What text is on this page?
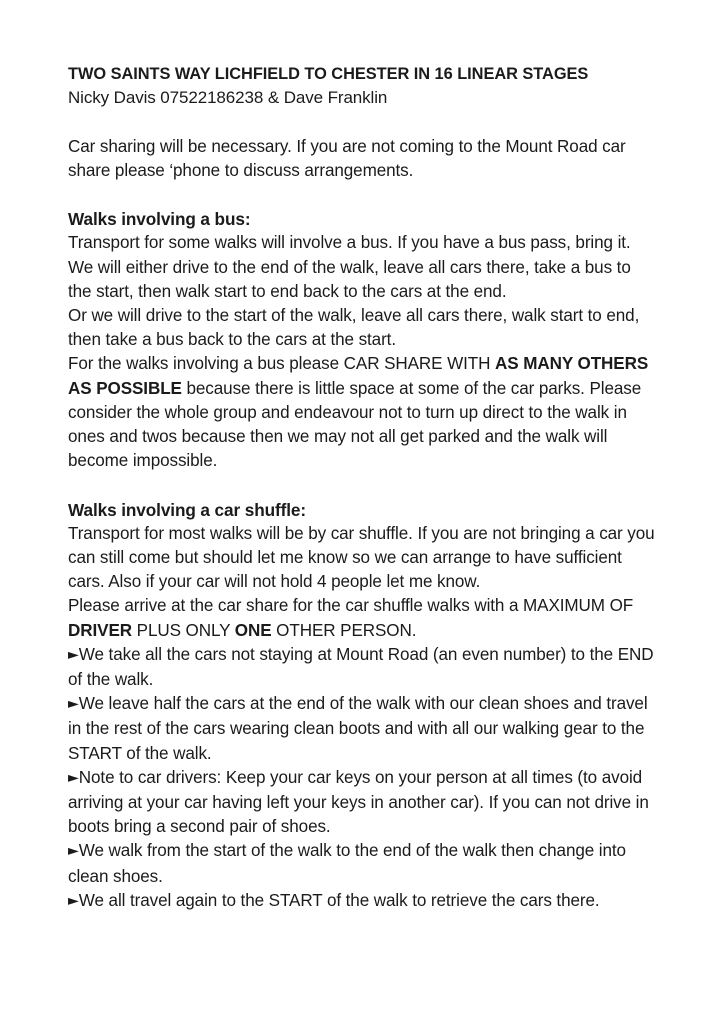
TWO SAINTS WAY LICHFIELD TO CHESTER IN 16 LINEAR STAGES
Nicky Davis 07522186238 & Dave Franklin

Car sharing will be necessary. If you are not coming to the Mount Road car share please ‘phone to discuss arrangements.

Walks involving a bus:

Transport for some walks will involve a bus. If you have a bus pass, bring it.

We will either drive to the end of the walk, leave all cars there, take a bus to the start, then walk start to end back to the cars at the end.

Or we will drive to the start of the walk, leave all cars there, walk start to end, then take a bus back to the cars at the start.

For the walks involving a bus please CAR SHARE WITH AS MANY OTHERS AS POSSIBLE because there is little space at some of the car parks. Please consider the whole group and endeavour not to turn up direct to the walk in ones and twos because then we may not all get parked and the walk will become impossible.

Walks involving a car shuffle:

Transport for most walks will be by car shuffle. If you are not bringing a car you can still come but should let me know so we can arrange to have sufficient cars. Also if your car will not hold 4 people let me know.

Please arrive at the car share for the car shuffle walks with a MAXIMUM OF DRIVER PLUS ONLY ONE OTHER PERSON.

►We take all the cars not staying at Mount Road (an even number) to the END of the walk.

►We leave half the cars at the end of the walk with our clean shoes and travel in the rest of the cars wearing clean boots and with all our walking gear to the START of the walk.

►Note to car drivers: Keep your car keys on your person at all times (to avoid arriving at your car having left your keys in another car). If you can not drive in boots bring a second pair of shoes.

►We walk from the start of the walk to the end of the walk then change into clean shoes.

►We all travel again to the START of the walk to retrieve the cars there.
